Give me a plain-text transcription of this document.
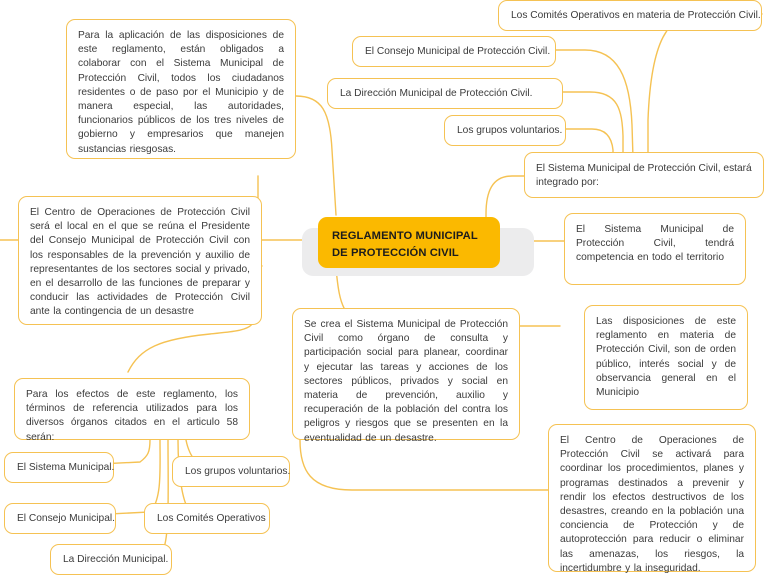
REGLAMENTO MUNICIPAL DE PROTECCIÓN CIVIL
Para la aplicación de las disposiciones de este reglamento, están obligados a colaborar con el Sistema Municipal de Protección Civil, todos los ciudadanos residentes o de paso por el Municipio y de manera especial, las autoridades, funcionarios públicos de los tres niveles de gobierno y empresarios que manejen sustancias riesgosas.
Los Comités Operativos en materia de Protección Civil.
El Consejo Municipal de Protección Civil.
La Dirección Municipal de Protección Civil.
Los grupos voluntarios.
El Sistema Municipal de Protección Civil, estará integrado por:
El Sistema Municipal de Protección Civil, tendrá competencia en todo el territorio
El Centro de Operaciones de Protección Civil será el local en el que se reúna el Presidente del Consejo Municipal de Protección Civil con los responsables de la prevención y auxilio de representantes de los sectores social y privado, en el desarrollo de las funciones de preparar y conducir las actividades de Protección Civil ante la contingencia de un desastre
Se crea el Sistema Municipal de Protección Civil como órgano de consulta y participación social para planear, coordinar y ejecutar las tareas y acciones de los sectores públicos, privados y social en materia de prevención, auxilio y recuperación de la población del contra los peligros y riesgos que se presenten en la eventualidad de un desastre.
Las disposiciones de este reglamento en materia de Protección Civil, son de orden público, interés social y de observancia general en el Municipio
El Centro de Operaciones de Protección Civil se activará para coordinar los procedimientos, planes y programas destinados a prevenir y rendir los efectos destructivos de los desastres, creando en la población una conciencia de Protección y de autoprotección para reducir o eliminar las amenazas, los riesgos, la incertidumbre y la inseguridad.
Para los efectos de este reglamento, los términos de referencia utilizados para los diversos órganos citados en el articulo 58 serán:
El Sistema Municipal.	Los grupos voluntarios.
El Consejo Municipal.	Los Comités Operativos
La Dirección Municipal.
